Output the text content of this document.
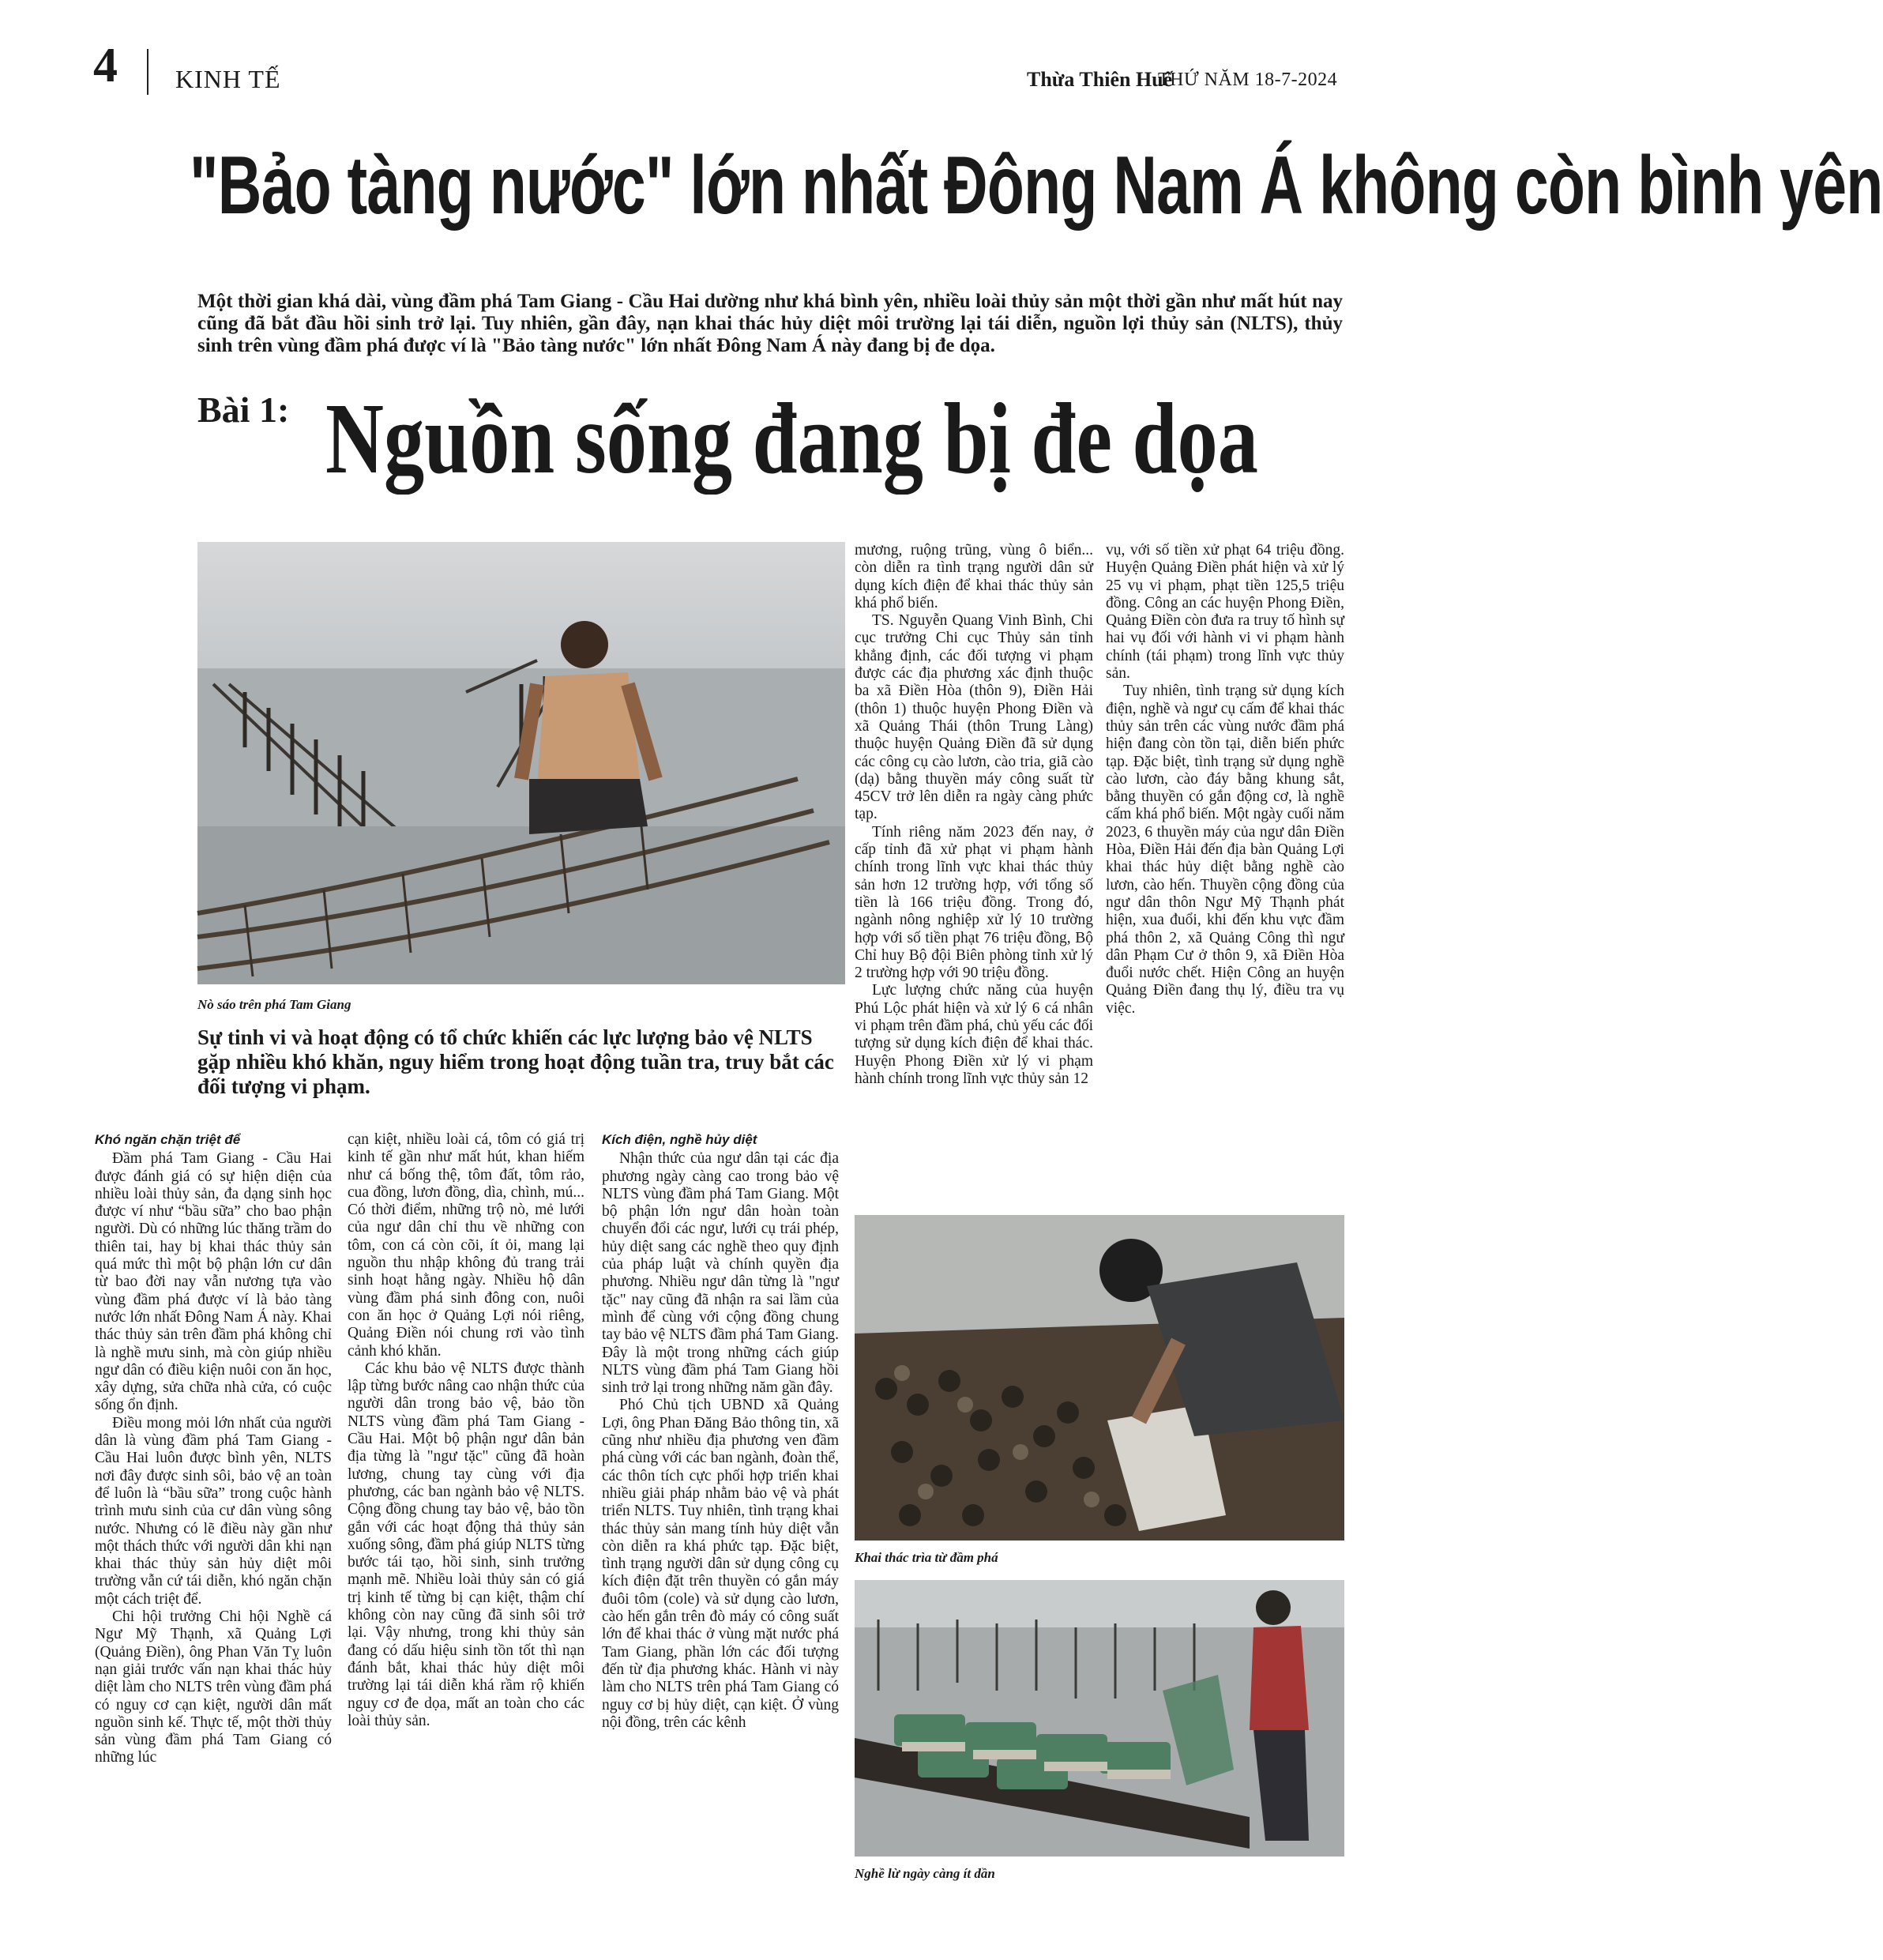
4 KINH TẾ	Thừa Thiên Huế
THỨ NĂM 18-7-2024
"Bảo tàng nước" lớn nhất Đông Nam Á không còn bình yên
Một thời gian khá dài, vùng đầm phá Tam Giang - Cầu Hai dường như khá bình yên, nhiều loài thủy sản một thời gần như mất hút nay cũng đã bắt đầu hồi sinh trở lại. Tuy nhiên, gần đây, nạn khai thác hủy diệt môi trường lại tái diễn, nguồn lợi thủy sản (NLTS), thủy sinh trên vùng đầm phá được ví là "Bảo tàng nước" lớn nhất Đông Nam Á này đang bị đe dọa.
Bài 1: Nguồn sống đang bị đe dọa
Nò sáo trên phá Tam Giang
Sự tinh vi và hoạt động có tổ chức khiến các lực lượng bảo vệ NLTS gặp nhiều khó khăn, nguy hiểm trong hoạt động tuần tra, truy bắt các đối tượng vi phạm.

Khó ngăn chặn triệt để

Đầm phá Tam Giang - Cầu Hai được đánh giá có sự hiện diện của nhiều loài thủy sản, đa dạng sinh học được ví như “bầu sữa” cho bao phận người. Dù có những lúc thăng trầm do thiên tai, hay bị khai thác thủy sản quá mức thì một bộ phận lớn cư dân từ bao đời nay vẫn nương tựa vào vùng đầm phá được ví là bảo tàng nước lớn nhất Đông Nam Á này. Khai thác thủy sản trên đầm phá không chỉ là nghề mưu sinh, mà còn giúp nhiều ngư dân có điều kiện nuôi con ăn học, xây dựng, sửa chữa nhà cửa, có cuộc sống ổn định.

Điều mong mỏi lớn nhất của người dân là vùng đầm phá Tam Giang - Cầu Hai luôn được bình yên, NLTS nơi đây được sinh sôi, bảo vệ an toàn để luôn là “bầu sữa” trong cuộc hành trình mưu sinh của cư dân vùng sông nước. Nhưng có lẽ điều này gần như một thách thức với người dân khi nạn khai thác thủy sản hủy diệt môi trường vẫn cứ tái diễn, khó ngăn chặn một cách triệt để.

Chi hội trưởng Chi hội Nghề cá Ngư Mỹ Thạnh, xã Quảng Lợi (Quảng Điền), ông Phan Văn Tỵ luôn nạn giải trước vấn nạn khai thác hủy diệt làm cho NLTS trên vùng đầm phá có nguy cơ cạn kiệt, người dân mất nguồn sinh kế. Thực tế, một thời thủy sản vùng đầm phá Tam Giang có những lúc

cạn kiệt, nhiều loài cá, tôm có giá trị kinh tế gần như mất hút, khan hiếm như cá bống thệ, tôm đất, tôm rảo, cua đồng, lươn đồng, dìa, chình, mú... Có thời điểm, những trộ nò, mẻ lưới của ngư dân chỉ thu về những con tôm, con cá còn cõi, ít ỏi, mang lại nguồn thu nhập không đủ trang trải sinh hoạt hằng ngày. Nhiều hộ dân vùng đầm phá sinh đông con, nuôi con ăn học ở Quảng Lợi nói riêng, Quảng Điền nói chung rơi vào tình cảnh khó khăn.

Các khu bảo vệ NLTS được thành lập từng bước nâng cao nhận thức của người dân trong bảo vệ, bảo tồn NLTS vùng đầm phá Tam Giang - Cầu Hai. Một bộ phận ngư dân bản địa từng là "ngư tặc" cũng đã hoàn lương, chung tay cùng với địa phương, các ban ngành bảo vệ NLTS. Cộng đồng chung tay bảo vệ, bảo tồn gắn với các hoạt động thả thủy sản xuống sông, đầm phá giúp NLTS từng bước tái tạo, hồi sinh, sinh trưởng mạnh mẽ. Nhiều loài thủy sản có giá trị kinh tế từng bị cạn kiệt, thậm chí không còn nay cũng đã sinh sôi trở lại. Vậy nhưng, trong khi thủy sản đang có dấu hiệu sinh tồn tốt thì nạn đánh bắt, khai thác hủy diệt môi trường lại tái diễn khá rầm rộ khiến nguy cơ đe dọa, mất an toàn cho các loài thủy sản.

Kích điện, nghề hủy diệt

Nhận thức của ngư dân tại các địa phương ngày càng cao trong bảo vệ NLTS vùng đầm phá Tam Giang. Một bộ phận lớn ngư dân hoàn toàn chuyển đổi các ngư, lưới cụ trái phép, hủy diệt sang các nghề theo quy định của pháp luật và chính quyền địa phương. Nhiều ngư dân từng là "ngư tặc" nay cũng đã nhận ra sai lầm của mình để cùng với cộng đồng chung tay bảo vệ NLTS đầm phá Tam Giang. Đây là một trong những cách giúp NLTS vùng đầm phá Tam Giang hồi sinh trở lại trong những năm gần đây.

Phó Chủ tịch UBND xã Quảng Lợi, ông Phan Đăng Bảo thông tin, xã cũng như nhiều địa phương ven đầm phá cùng với các ban ngành, đoàn thể, các thôn tích cực phối hợp triển khai nhiều giải pháp nhằm bảo vệ và phát triển NLTS. Tuy nhiên, tình trạng khai thác thủy sản mang tính hủy diệt vẫn còn diễn ra khá phức tạp. Đặc biệt, tình trạng người dân sử dụng công cụ kích điện đặt trên thuyền có gắn máy đuôi tôm (cole) và sử dụng cào lươn, cào hến gắn trên đò máy có công suất lớn để khai thác ở vùng mặt nước phá Tam Giang, phần lớn các đối tượng đến từ địa phương khác. Hành vi này làm cho NLTS trên phá Tam Giang có nguy cơ bị hủy diệt, cạn kiệt. Ở vùng nội đồng, trên các kênh

mương, ruộng trũng, vùng ô biển... còn diễn ra tình trạng người dân sử dụng kích điện để khai thác thủy sản khá phổ biến.

TS. Nguyễn Quang Vinh Bình, Chi cục trưởng Chi cục Thủy sản tỉnh khẳng định, các đối tượng vi phạm được các địa phương xác định thuộc ba xã Điền Hòa (thôn 9), Điền Hải (thôn 1) thuộc huyện Phong Điền và xã Quảng Thái (thôn Trung Làng) thuộc huyện Quảng Điền đã sử dụng các công cụ cào lươn, cào tria, giã cào (dạ) bằng thuyền máy công suất từ 45CV trở lên diễn ra ngày càng phức tạp.

Tính riêng năm 2023 đến nay, ở cấp tỉnh đã xử phạt vi phạm hành chính trong lĩnh vực khai thác thủy sản hơn 12 trường hợp, với tổng số tiền là 166 triệu đồng. Trong đó, ngành nông nghiệp xử lý 10 trường hợp với số tiền phạt 76 triệu đồng, Bộ Chỉ huy Bộ đội Biên phòng tỉnh xử lý 2 trường hợp với 90 triệu đồng.

Lực lượng chức năng của huyện Phú Lộc phát hiện và xử lý 6 cá nhân vi phạm trên đầm phá, chủ yếu các đối tượng sử dụng kích điện để khai thác. Huyện Phong Điền xử lý vi phạm hành chính trong lĩnh vực thủy sản 12

vụ, với số tiền xử phạt 64 triệu đồng. Huyện Quảng Điền phát hiện và xử lý 25 vụ vi phạm, phạt tiền 125,5 triệu đồng. Công an các huyện Phong Điền, Quảng Điền còn đưa ra truy tố hình sự hai vụ đối với hành vi vi phạm hành chính (tái phạm) trong lĩnh vực thủy sản.

Tuy nhiên, tình trạng sử dụng kích điện, nghề và ngư cụ cấm để khai thác thủy sản trên các vùng nước đầm phá hiện đang còn tồn tại, diễn biến phức tạp. Đặc biệt, tình trạng sử dụng nghề cào lươn, cào đáy bằng khung sắt, bằng thuyền có gắn động cơ, là nghề cấm khá phổ biến. Một ngày cuối năm 2023, 6 thuyền máy của ngư dân Điền Hòa, Điền Hải đến địa bàn Quảng Lợi khai thác hủy diệt bằng nghề cào lươn, cào hến. Thuyền cộng đồng của ngư dân thôn Ngư Mỹ Thạnh phát hiện, xua đuổi, khi đến khu vực đầm phá thôn 2, xã Quảng Công thì ngư dân Phạm Cư ở thôn 9, xã Điền Hòa đuổi nước chết. Hiện Công an huyện Quảng Điền đang thụ lý, điều tra vụ việc.

Khai thác trìa từ đầm phá
Nghề lừ ngày càng ít dần
